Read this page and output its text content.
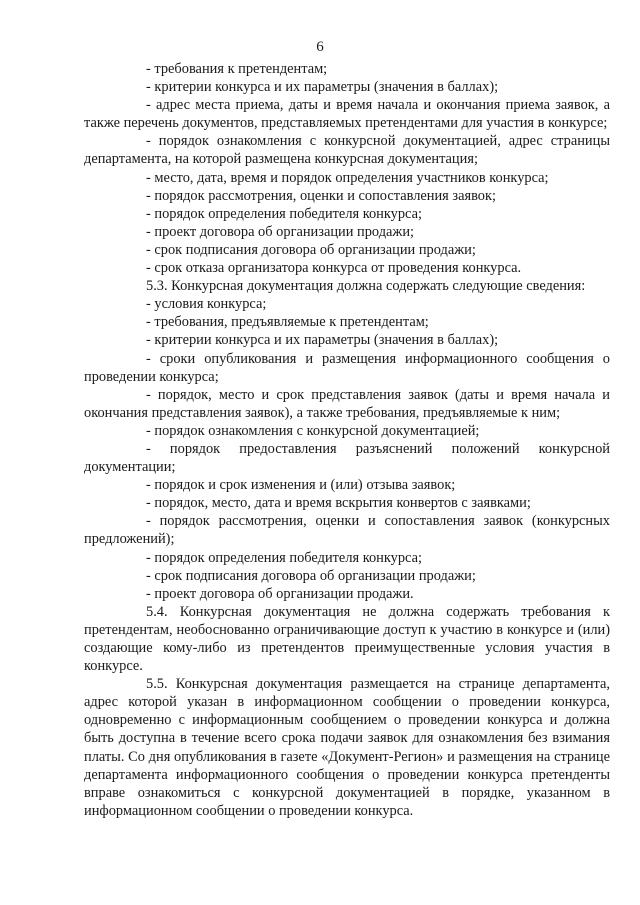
6

- требования к претендентам;

- критерии конкурса и их параметры (значения в баллах);

- адрес места приема, даты и время начала и окончания приема заявок, а также перечень документов, представляемых претендентами для участия в конкурсе;

- порядок ознакомления с конкурсной документацией, адрес страницы департамента, на которой размещена конкурсная документация;

- место, дата, время и порядок определения участников конкурса;

- порядок рассмотрения, оценки и сопоставления заявок;

- порядок определения победителя конкурса;

- проект договора об организации продажи;

- срок подписания договора об организации продажи;

- срок отказа организатора конкурса от проведения конкурса.

5.3. Конкурсная документация должна содержать следующие сведения:

- условия конкурса;

- требования, предъявляемые к претендентам;

- критерии конкурса и их параметры (значения в баллах);

- сроки опубликования и размещения информационного сообщения о проведении конкурса;

- порядок, место и срок представления заявок (даты и время начала и окончания представления заявок), а также требования, предъявляемые к ним;

- порядок ознакомления с конкурсной документацией;

- порядок предоставления разъяснений положений конкурсной документации;

- порядок и срок изменения и (или) отзыва заявок;

- порядок, место, дата и время вскрытия конвертов с заявками;

- порядок рассмотрения, оценки и сопоставления заявок (конкурсных предложений);

- порядок определения победителя конкурса;

- срок подписания договора об организации продажи;

- проект договора об организации продажи.

5.4. Конкурсная документация не должна содержать требования к претендентам, необоснованно ограничивающие доступ к участию в конкурсе и (или) создающие кому-либо из претендентов преимущественные условия участия в конкурсе.

5.5. Конкурсная документация размещается на странице департамента, адрес которой указан в информационном сообщении о проведении конкурса, одновременно с информационным сообщением о проведении конкурса и должна быть доступна в течение всего срока подачи заявок для ознакомления без взимания платы. Со дня опубликования в газете «Документ-Регион» и размещения на странице департамента информационного сообщения о проведении конкурса претенденты вправе ознакомиться с конкурсной документацией в порядке, указанном в информационном сообщении о проведении конкурса.
